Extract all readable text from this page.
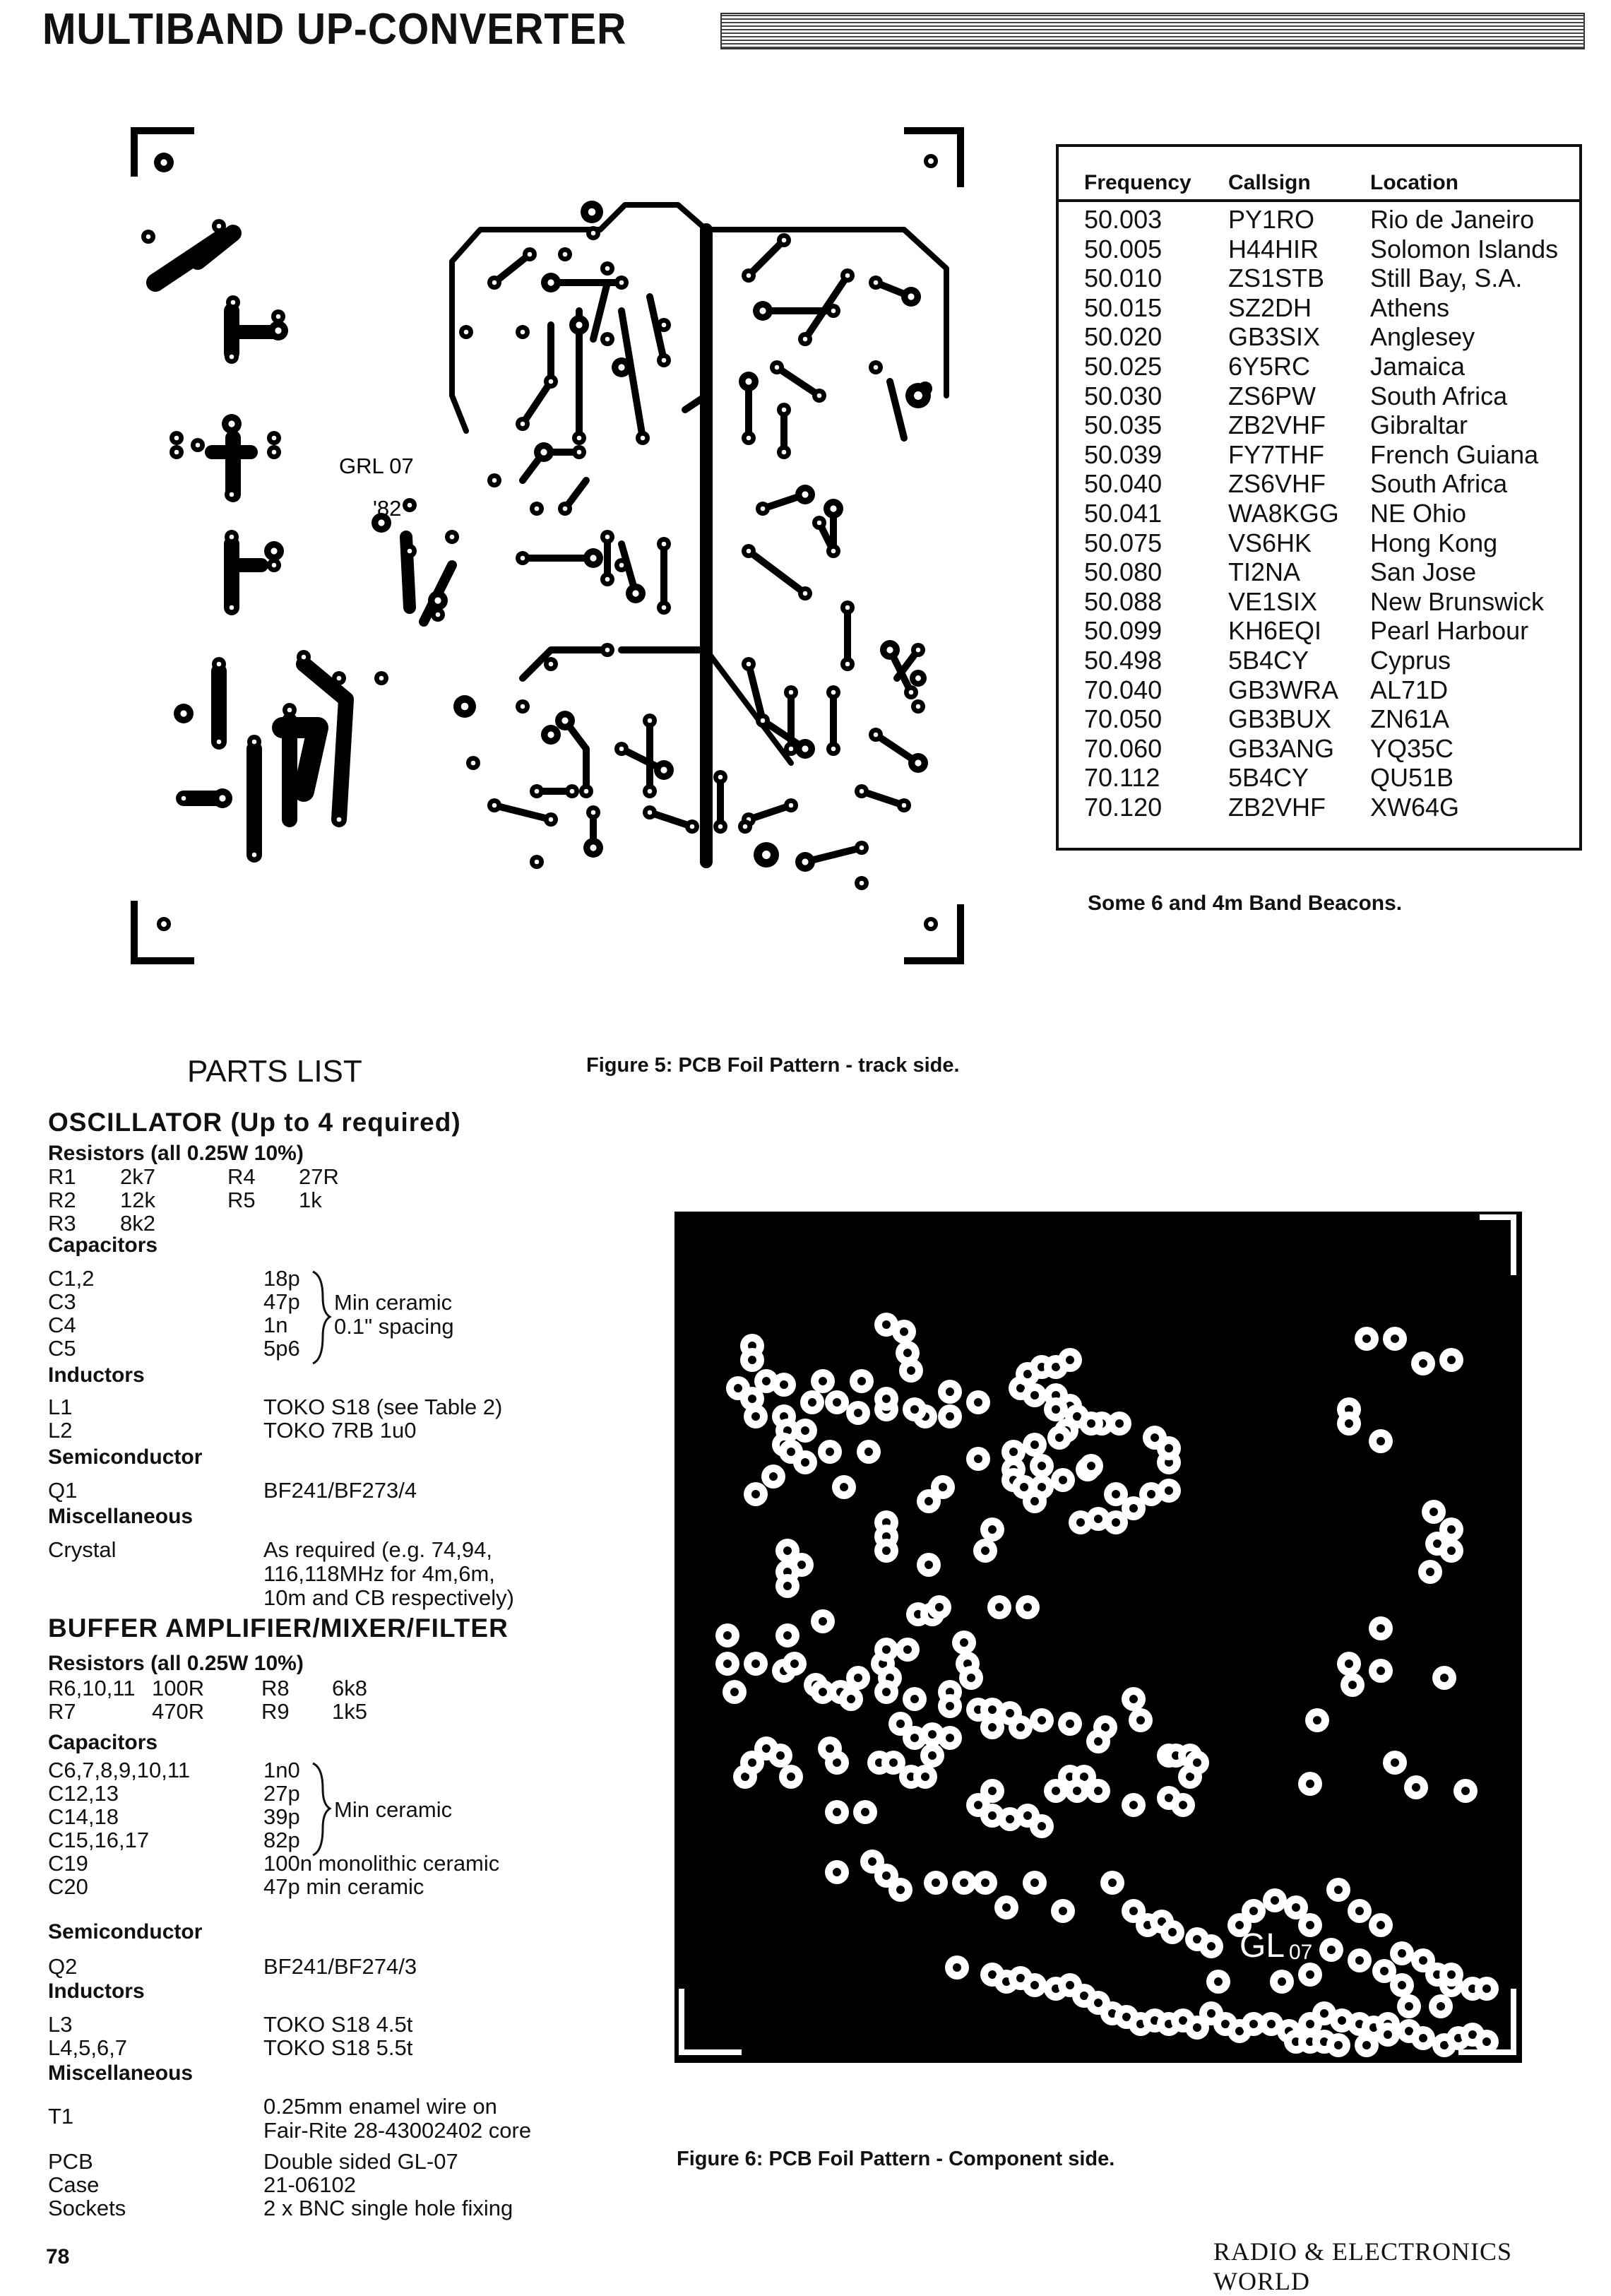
MULTIBAND UP-CONVERTER
Frequency Callsign	Location
50.003	PY1RO Rio de Janeiro
50.005	H44HIR Solomon Islands
50.010	ZS1STB Still Bay, S.A.
50.015	SZ2DH Athens
50.020	GB3SIX Anglesey
50.025	6Y5RC Jamaica
50.030	ZS6PW South Africa
50.035	ZB2VHF Gibraltar
50.039	FY7THF French Guiana
50.040	ZS6VHF South Africa
50.041	WA8KGG NE Ohio
50.075	VS6HK Hong Kong
50.080	TI2NA	San Jose
50.088	VE1SIX New Brunswick
50.099	KH6EQI Pearl Harbour
50.498	5B4CY Cyprus
70.040	GB3WRA AL71D
70.050	GB3BUX ZN61A
70.060	GB3ANG YQ35C
70.112	5B4CY QU51B
70.120	ZB2VHF XW64G
Some 6 and 4m Band Beacons.
GRL 07
'82
Figure 5: PCB Foil Pattern - track side.
GL 07
Figure 6: PCB Foil Pattern - Component side.
PARTS LIST
OSCILLATOR (Up to 4 required)
Resistors (all 0.25W 10%)
R1 2k7	R4 27R
R2 12k	R5 1k
R3 8k2
Capacitors
C1,2	18p
C3	47p
C4	1n
C5	5p6
Min ceramic
0.1" spacing
Inductors
L1	TOKO S18 (see Table 2)
L2	TOKO 7RB 1u0
Semiconductor
Q1	BF241/BF273/4
Miscellaneous
Crystal	As required (e.g. 74,94,
116,118MHz for 4m,6m,
10m and CB respectively)
BUFFER AMPLIFIER/MIXER/FILTER
Resistors (all 0.25W 10%)
R6,10,11 100R	R8 6k8
R7	470R	R9 1k5
Capacitors
C6,7,8,9,10,11	1n0
C12,13	27p
C14,18	39p
C15,16,17	82p
C19	100n monolithic ceramic
C20	47p min ceramic
Min ceramic
Semiconductor
Q2	BF241/BF274/3
Inductors
L3	TOKO S18 4.5t
L4,5,6,7	TOKO S18 5.5t
Miscellaneous
T1	0.25mm enamel wire on
Fair-Rite 28-43002402 core
PCB	Double sided GL-07
Case	21-06102
Sockets	2 x BNC single hole fixing
78	RADIO & ELECTRONICS WORLD
